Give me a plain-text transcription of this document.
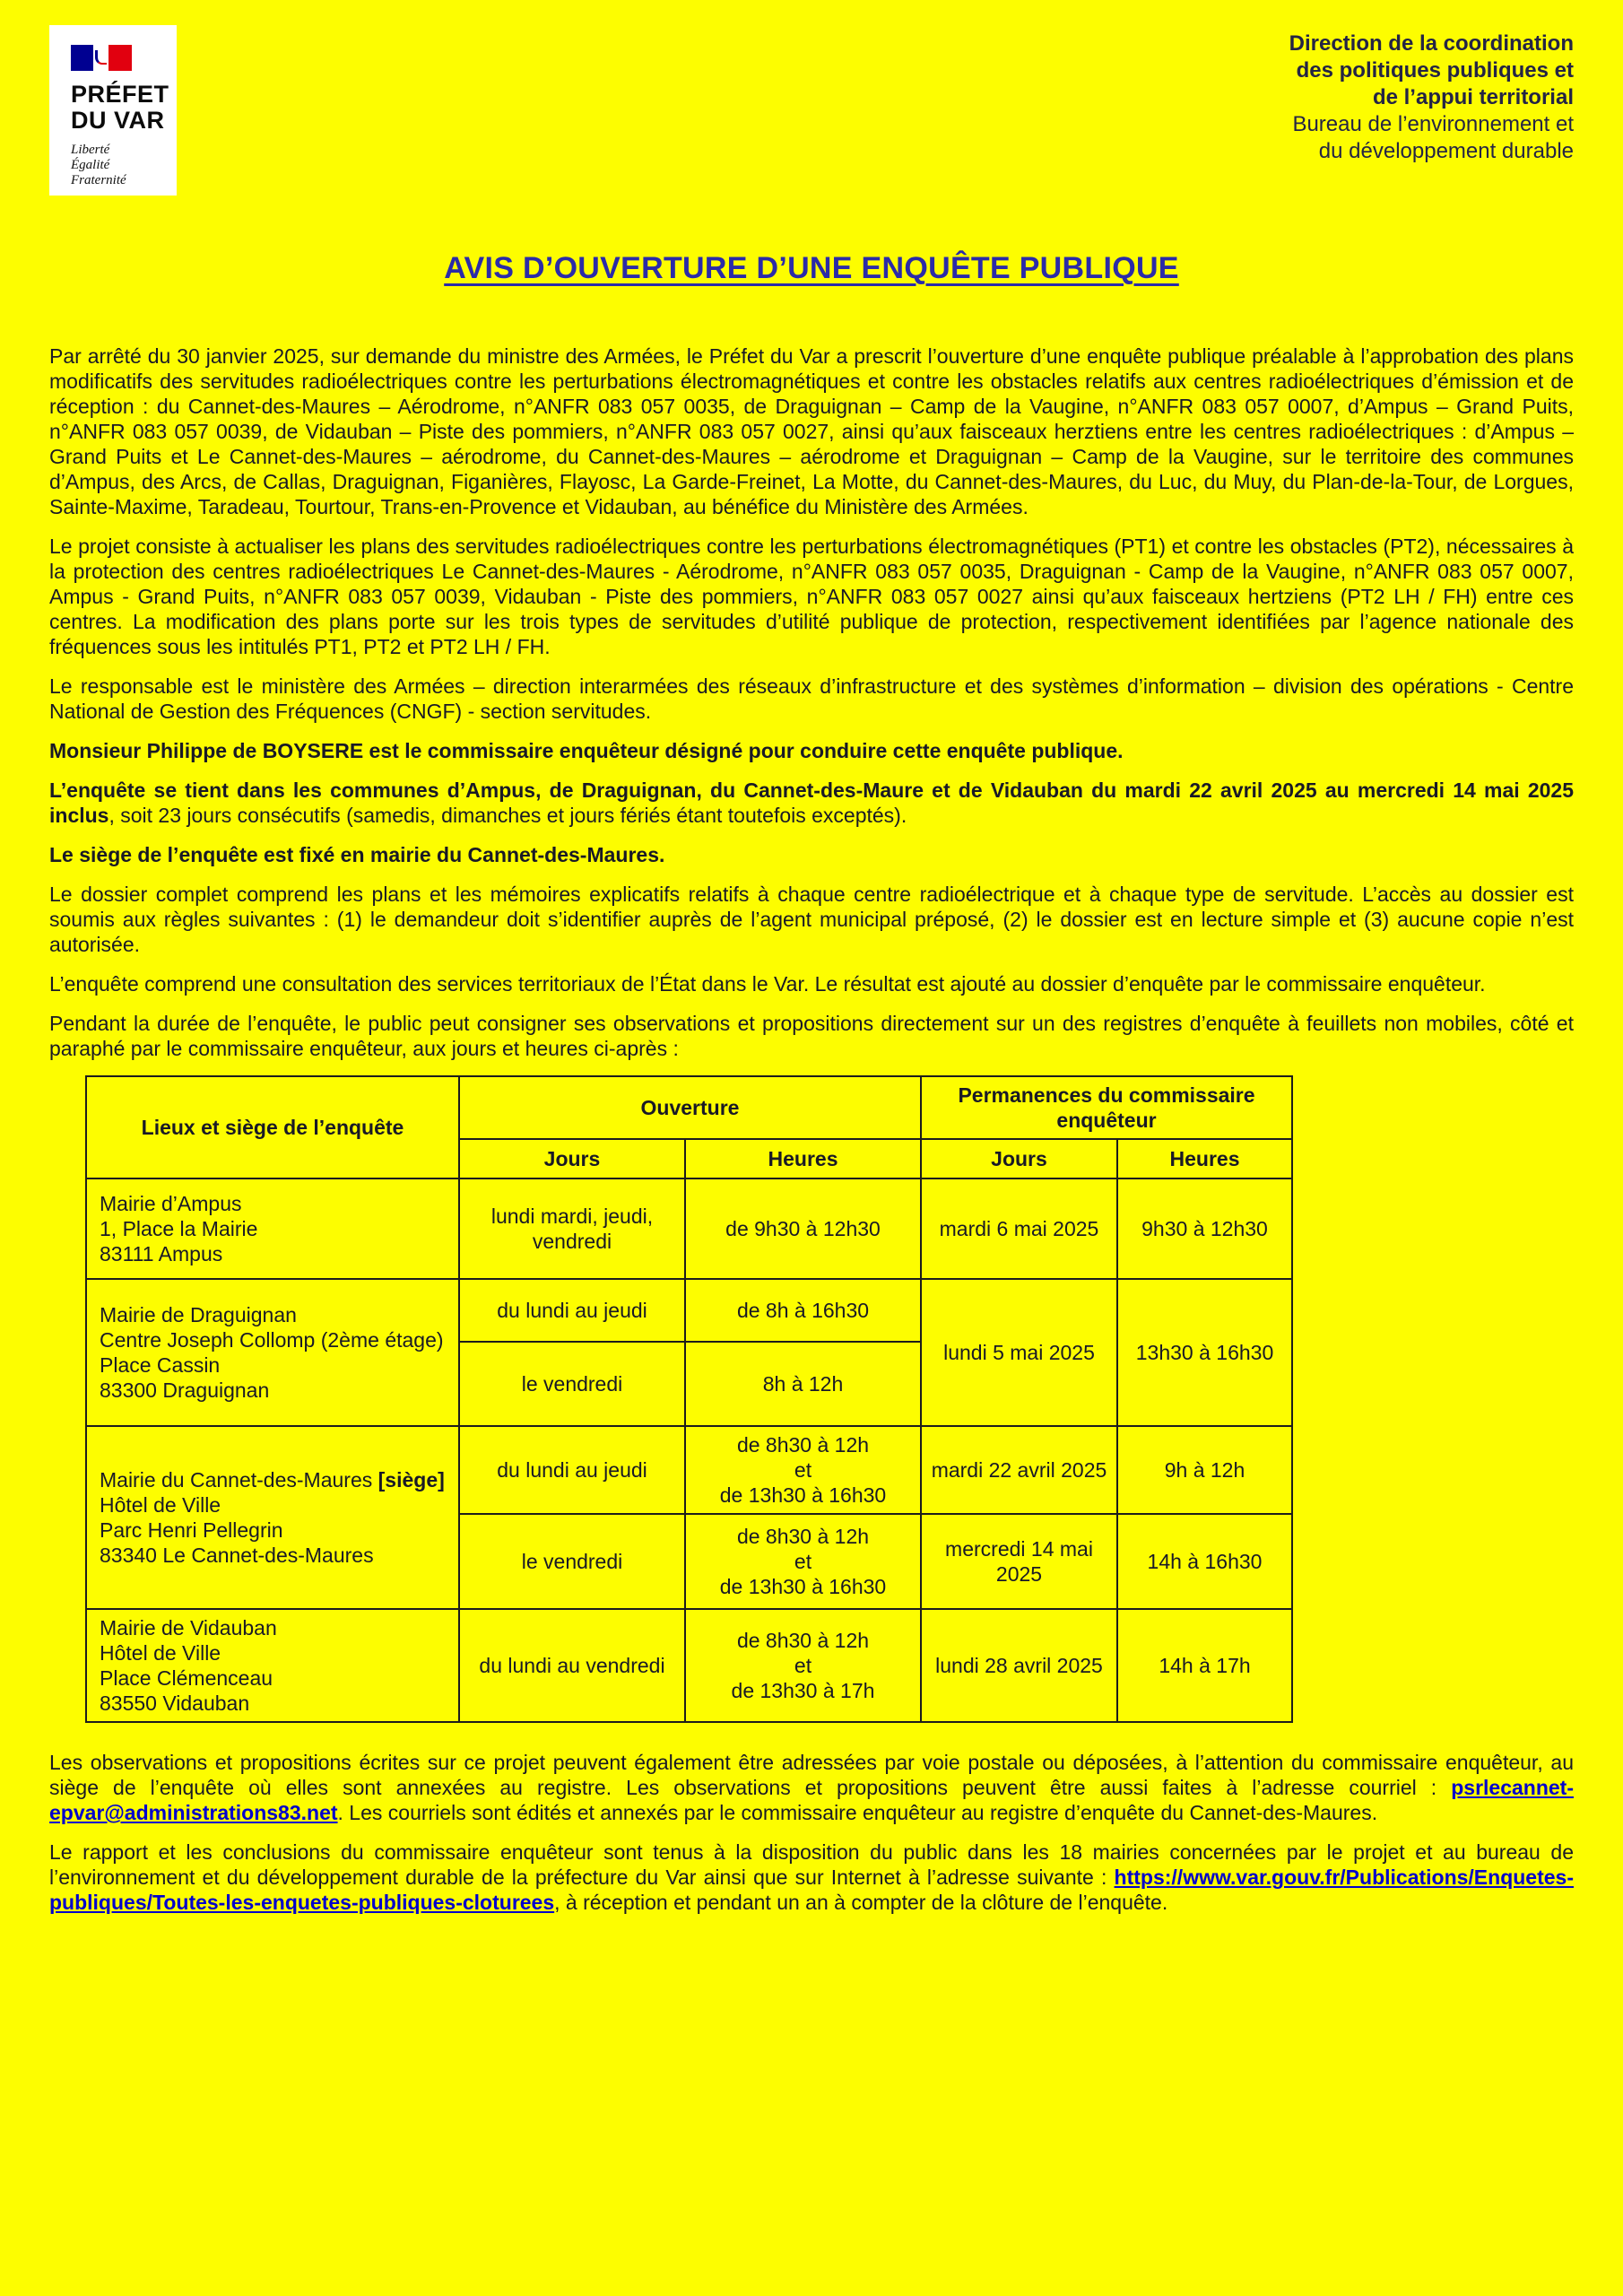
PRÉFET
DU VAR
Liberté
Égalité
Fraternité
Direction de la coordination
des politiques publiques et
de l’appui territorial
Bureau de l’environnement et
du développement durable
AVIS D’OUVERTURE D’UNE ENQUÊTE PUBLIQUE

Par arrêté du 30 janvier 2025, sur demande du ministre des Armées, le Préfet du Var a prescrit l’ouverture d’une enquête publique préalable à l’approbation des plans modificatifs des servitudes radioélectriques contre les perturbations électromagnétiques et contre les obstacles relatifs aux centres radioélectriques d’émission et de réception : du Cannet-des-Maures – Aérodrome, n°ANFR 083 057 0035, de Draguignan – Camp de la Vaugine, n°ANFR 083 057 0007, d’Ampus – Grand Puits, n°ANFR 083 057 0039, de Vidauban – Piste des pommiers, n°ANFR 083 057 0027, ainsi qu’aux faisceaux herztiens entre les centres radioélectriques : d’Ampus – Grand Puits et Le Cannet-des-Maures – aérodrome, du Cannet-des-Maures – aérodrome et Draguignan – Camp de la Vaugine, sur le territoire des communes d’Ampus, des Arcs, de Callas, Draguignan, Figanières, Flayosc, La Garde-Freinet, La Motte, du Cannet-des-Maures, du Luc, du Muy, du Plan-de-la-Tour, de Lorgues, Sainte-Maxime, Taradeau, Tourtour, Trans-en-Provence et Vidauban, au bénéfice du Ministère des Armées.

Le projet consiste à actualiser les plans des servitudes radioélectriques contre les perturbations électromagnétiques (PT1) et contre les obstacles (PT2), nécessaires à la protection des centres radioélectriques Le Cannet-des-Maures - Aérodrome, n°ANFR 083 057 0035, Draguignan - Camp de la Vaugine, n°ANFR 083 057 0007, Ampus - Grand Puits, n°ANFR 083 057 0039, Vidauban - Piste des pommiers, n°ANFR 083 057 0027 ainsi qu’aux faisceaux hertziens (PT2 LH / FH) entre ces centres. La modification des plans porte sur les trois types de servitudes d’utilité publique de protection, respectivement identifiées par l’agence nationale des fréquences sous les intitulés PT1, PT2 et PT2 LH / FH.

Le responsable est le ministère des Armées – direction interarmées des réseaux d’infrastructure et des systèmes d’information – division des opérations - Centre National de Gestion des Fréquences (CNGF) - section servitudes.

Monsieur Philippe de BOYSERE est le commissaire enquêteur désigné pour conduire cette enquête publique.

L’enquête se tient dans les communes d’Ampus, de Draguignan, du Cannet-des-Maure et de Vidauban du mardi 22 avril 2025 au mercredi 14 mai 2025 inclus, soit 23 jours consécutifs (samedis, dimanches et jours fériés étant toutefois exceptés).

Le siège de l’enquête est fixé en mairie du Cannet-des-Maures.

Le dossier complet comprend les plans et les mémoires explicatifs relatifs à chaque centre radioélectrique et à chaque type de servitude. L’accès au dossier est soumis aux règles suivantes : (1) le demandeur doit s’identifier auprès de l’agent municipal préposé, (2) le dossier est en lecture simple et (3) aucune copie n’est autorisée.

L’enquête comprend une consultation des services territoriaux de l’État dans le Var. Le résultat est ajouté au dossier d’enquête par le commissaire enquêteur.

Pendant la durée de l’enquête, le public peut consigner ses observations et propositions directement sur un des registres d’enquête à feuillets non mobiles, côté et paraphé par le commissaire enquêteur, aux jours et heures ci-après :

Lieux et siège de l’enquête	Ouverture		Permanences du commissaire enquêteur	
	Jours	Heures	Jours	Heures
Mairie d’Ampus
1, Place la Mairie
83111 Ampus	lundi mardi, jeudi,
vendredi	de 9h30 à 12h30	mardi 6 mai 2025	9h30 à 12h30
Mairie de Draguignan
Centre Joseph Collomp (2ème étage)
Place Cassin
83300 Draguignan	du lundi au jeudi	de 8h à 16h30	lundi 5 mai 2025	13h30 à 16h30
	le vendredi	8h à 12h		
Mairie du Cannet-des-Maures [siège]
Hôtel de Ville
Parc Henri Pellegrin
83340 Le Cannet-des-Maures	du lundi au jeudi	de 8h30 à 12h
et
de 13h30 à 16h30	mardi 22 avril 2025	9h à 12h
	le vendredi	de 8h30 à 12h
et
de 13h30 à 16h30	mercredi 14 mai 2025	14h à 16h30
Mairie de Vidauban
Hôtel de Ville
Place Clémenceau
83550 Vidauban	du lundi au vendredi	de 8h30 à 12h
et
de 13h30 à 17h	lundi 28 avril 2025	14h à 17h

Les observations et propositions écrites sur ce projet peuvent également être adressées par voie postale ou déposées, à l’attention du commissaire enquêteur, au siège de l’enquête où elles sont annexées au registre. Les observations et propositions peuvent être aussi faites à l’adresse courriel : psrlecannet-epvar@administrations83.net. Les courriels sont édités et annexés par le commissaire enquêteur au registre d’enquête du Cannet-des-Maures.

Le rapport et les conclusions du commissaire enquêteur sont tenus à la disposition du public dans les 18 mairies concernées par le projet et au bureau de l’environnement et du développement durable de la préfecture du Var ainsi que sur Internet à l’adresse suivante : https://www.var.gouv.fr/Publications/Enquetes-publiques/Toutes-les-enquetes-publiques-cloturees, à réception et pendant un an à compter de la clôture de l’enquête.
